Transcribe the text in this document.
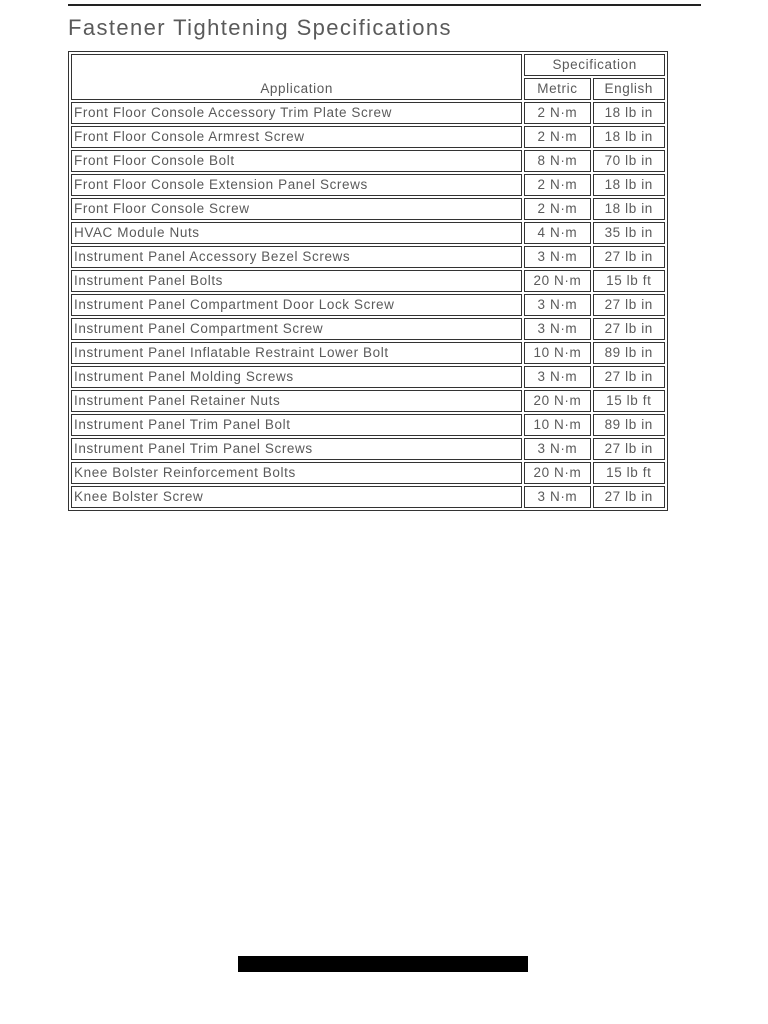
Fastener Tightening Specifications
Application	Specification	
	Metric	English
Front Floor Console Accessory Trim Plate Screw	2 N·m	18 lb in
Front Floor Console Armrest Screw	2 N·m	18 lb in
Front Floor Console Bolt	8 N·m	70 lb in
Front Floor Console Extension Panel Screws	2 N·m	18 lb in
Front Floor Console Screw	2 N·m	18 lb in
HVAC Module Nuts	4 N·m	35 lb in
Instrument Panel Accessory Bezel Screws	3 N·m	27 lb in
Instrument Panel Bolts	20 N·m	15 lb ft
Instrument Panel Compartment Door Lock Screw	3 N·m	27 lb in
Instrument Panel Compartment Screw	3 N·m	27 lb in
Instrument Panel Inflatable Restraint Lower Bolt	10 N·m	89 lb in
Instrument Panel Molding Screws	3 N·m	27 lb in
Instrument Panel Retainer Nuts	20 N·m	15 lb ft
Instrument Panel Trim Panel Bolt	10 N·m	89 lb in
Instrument Panel Trim Panel Screws	3 N·m	27 lb in
Knee Bolster Reinforcement Bolts	20 N·m	15 lb ft
Knee Bolster Screw	3 N·m	27 lb in
